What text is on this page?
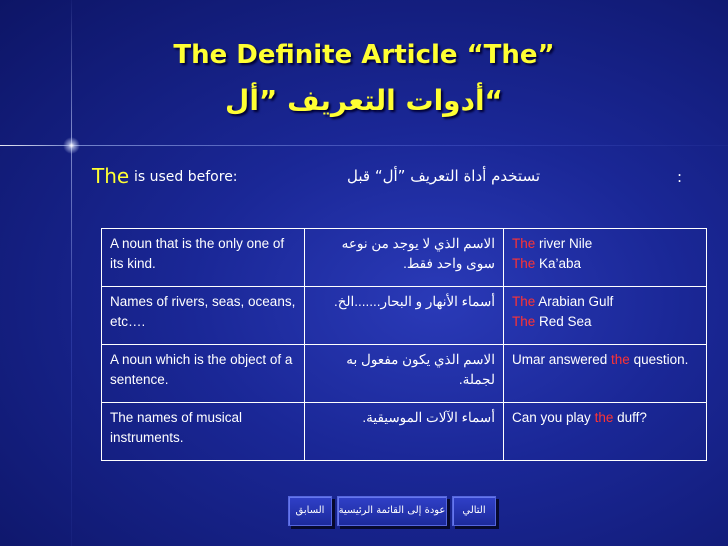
The Definite Article “The”
“أدوات التعريف ”أل
The is used before:	تستخدم أداة التعريف ”أل“ قبل	:
A noun that is the only one of its kind.	الاسم الذي لا يوجد من نوعه سوى واحد فقط.	The river Nile
The Ka’aba

Names of rivers, seas, oceans, etc….	أسماء الأنهار و البحار.......الخ.	The Arabian Gulf
The Red Sea

A noun which is the object of a sentence.	الاسم الذي يكون مفعول به لجملة.	Umar answered the question.

The names of musical instruments.	أسماء الآلات الموسيقية.	Can you play the duff?
السابق	عودة إلى القائمة الرئيسية	التالي
